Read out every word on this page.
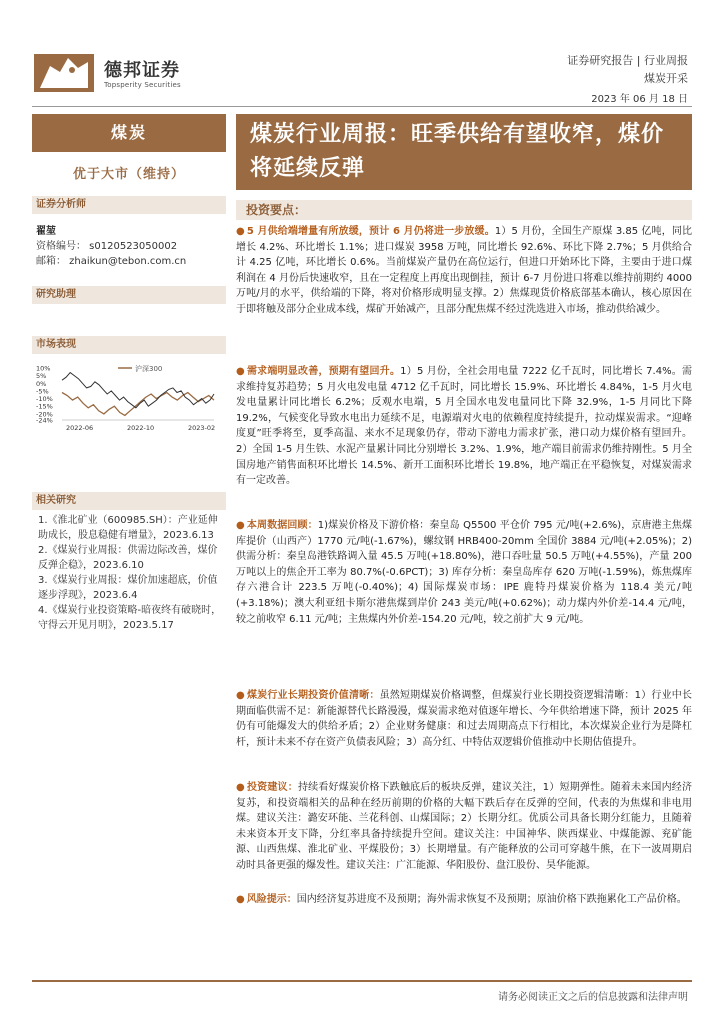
德邦证券
Topsperity Securities
证券研究报告 | 行业周报
煤炭开采
2023 年 06 月 18 日
煤炭
优于大市（维持）
证券分析师
翟堃
资格编号： s0120523050002
邮箱： zhaikun@tebon.com.cn
研究助理
市场表现
10%
5%
0%
-5%
-10%
-15%
-20%
-24%
2022-06	2022-10	2023-02
沪深300
相关研究
1.《淮北矿业（600985.SH）：产业延伸助成长，股息稳健有增量》，2023.6.13
2.《煤炭行业周报：供需边际改善，煤价反弹企稳》，2023.6.10
3.《煤炭行业周报：煤价加速超底，价值逐步浮现》，2023.6.4
4.《煤炭行业投资策略-暗夜终有破晓时，守得云开见月明》，2023.5.17
煤炭行业周报：旺季供给有望收窄，煤价将延续反弹
投资要点：
● 5 月供给端增量有所放缓，预计 6 月仍将进一步放缓。1）5 月份，全国生产原煤 3.85 亿吨，同比增长 4.2%、环比增长 1.1%；进口煤炭 3958 万吨，同比增长 92.6%、环比下降 2.7%；5 月供给合计 4.25 亿吨，环比增长 0.6%。当前煤炭产量仍在高位运行，但进口开始环比下降，主要由于进口煤利润在 4 月份后快速收窄，且在一定程度上再度出现倒挂，预计 6-7 月份进口将难以维持前期约 4000 万吨/月的水平，供给端的下降，将对价格形成明显支撑。2）焦煤现货价格底部基本确认，核心原因在于即将触及部分企业成本线，煤矿开始减产，且部分配焦煤不经过洗选进入市场，推动供给减少。
● 需求端明显改善，预期有望回升。1）5 月份，全社会用电量 7222 亿千瓦时，同比增长 7.4%。需求维持复苏趋势；5 月火电发电量 4712 亿千瓦时，同比增长 15.9%、环比增长 4.84%，1-5 月火电发电量累计同比增长 6.2%；反观水电端，5 月全国水电发电量同比下降 32.9%，1-5 月同比下降 19.2%，气候变化导致水电出力延续不足，电源端对火电的依赖程度持续提升，拉动煤炭需求。“迎峰度夏”旺季将至，夏季高温、来水不足现象仍存，带动下游电力需求扩张，港口动力煤价格有望回升。2）全国 1-5 月生铁、水泥产量累计同比分别增长 3.2%、1.9%，地产端目前需求仍维持刚性。5 月全国房地产销售面积环比增长 14.5%、新开工面积环比增长 19.8%，地产端正在平稳恢复，对煤炭需求有一定改善。
● 本周数据回顾：1)煤炭价格及下游价格：秦皇岛 Q5500 平仓价 795 元/吨(+2.6%)，京唐港主焦煤库提价（山西产）1770 元/吨(-1.67%)，螺纹钢 HRB400-20mm 全国价 3884 元/吨(+2.05%)；2) 供需分析：秦皇岛港铁路调入量 45.5 万吨(+18.80%)，港口吞吐量 50.5 万吨(+4.55%)，产量 200 万吨以上的焦企开工率为 80.7%(-0.6PCT)；3) 库存分析：秦皇岛库存 620 万吨(-1.59%)，炼焦煤库存六港合计 223.5 万吨(-0.40%)；4) 国际煤炭市场：IPE 鹿特丹煤炭价格为 118.4 美元/吨(+3.18%)；澳大利亚纽卡斯尔港焦煤到岸价 243 美元/吨(+0.62%)；动力煤内外价差-14.4 元/吨，较之前收窄 6.11 元/吨；主焦煤内外价差-154.20 元/吨，较之前扩大 9 元/吨。
● 煤炭行业长期投资价值清晰：虽然短期煤炭价格调整，但煤炭行业长期投资逻辑清晰：1）行业中长期面临供需不足：新能源替代长路漫漫，煤炭需求绝对值逐年增长、今年供给增速下降，预计 2025 年仍有可能爆发大的供给矛盾；2）企业财务健康：和过去周期高点下行相比，本次煤炭企业行为是降杠杆，预计未来不存在资产负债表风险；3）高分红、中特估双逻辑价值推动中长期估值提升。
● 投资建议：持续看好煤炭价格下跌触底后的板块反弹，建议关注，1）短期弹性。随着未来国内经济复苏，和投资端相关的品种在经历前期的价格的大幅下跌后存在反弹的空间，代表的为焦煤和非电用煤。建议关注：潞安环能、兰花科创、山煤国际；2）长期分红。优质公司具备长期分红能力，且随着未来资本开支下降，分红率具备持续提升空间。建议关注：中国神华、陕西煤业、中煤能源、兖矿能源、山西焦煤、淮北矿业、平煤股份；3）长期增量。有产能释放的公司可穿越牛熊，在下一波周期启动时具备更强的爆发性。建议关注：广汇能源、华阳股份、盘江股份、昊华能源。
● 风险提示：国内经济复苏进度不及预期；海外需求恢复不及预期；原油价格下跌拖累化工产品价格。
请务必阅读正文之后的信息披露和法律声明
